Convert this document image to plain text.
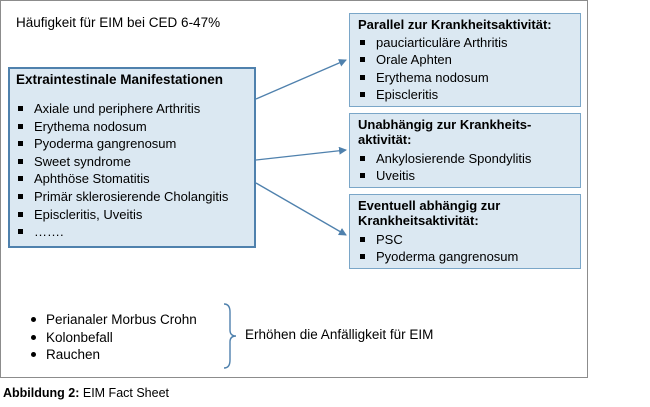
Häufigkeit für EIM bei CED 6-47%
Extraintestinale Manifestationen
Axiale und periphere Arthritis
Erythema nodosum
Pyoderma gangrenosum
Sweet syndrome
Aphthöse Stomatitis
Primär sklerosierende Cholangitis
Episcleritis, Uveitis
…….
Parallel zur Krankheitsaktivität:
pauciarticuläre Arthritis
Orale Aphten
Erythema nodosum
Episcleritis
Unabhängig zur Krankheits-
aktivität:
Ankylosierende Spondylitis
Uveitis
Eventuell abhängig zur
Krankheitsaktivität:
PSC
Pyoderma gangrenosum
Perianaler Morbus Crohn
Kolonbefall
Rauchen
Erhöhen die Anfälligkeit für EIM
Abbildung 2: EIM Fact Sheet
